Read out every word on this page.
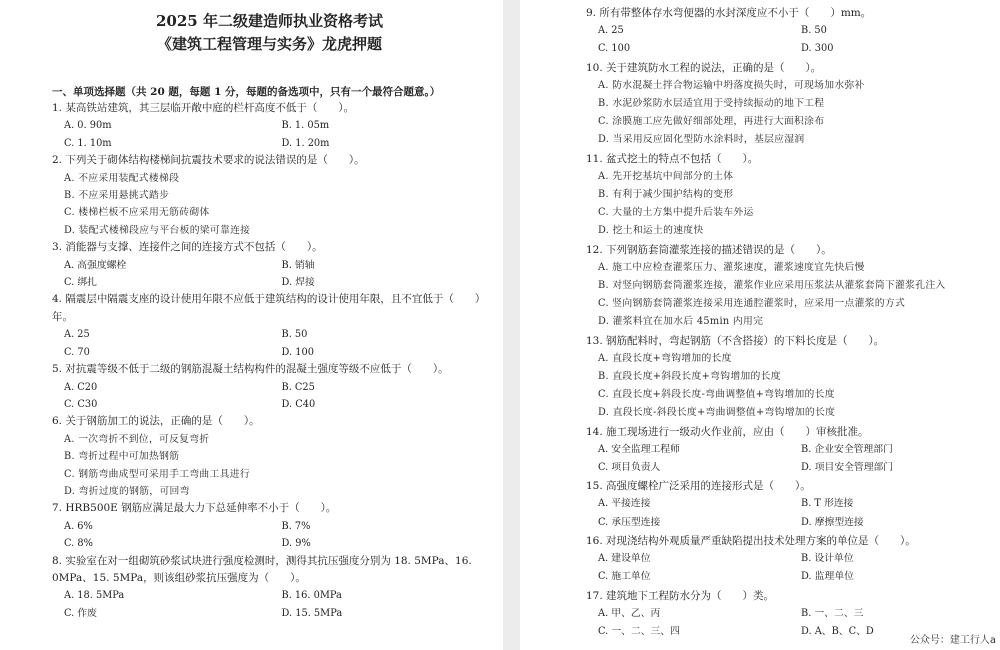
2025 年二级建造师执业资格考试
《建筑工程管理与实务》龙虎押题
一、单项选择题（共 20 题，每题 1 分，每题的备选项中，只有一个最符合题意。）
1. 某高铁站建筑，其三层临开敞中庭的栏杆高度不低于（　　）。
A. 0. 90m	B. 1. 05m
C. 1. 10m	D. 1. 20m
2. 下列关于砌体结构楼梯间抗震技术要求的说法错误的是（　　）。
A. 不应采用装配式楼梯段
B. 不应采用悬挑式踏步
C. 楼梯栏板不应采用无筋砖砌体
D. 装配式楼梯段应与平台板的梁可靠连接
3. 消能器与支撑、连接件之间的连接方式不包括（　　）。
A. 高强度螺栓	B. 销轴
C. 绑扎	D. 焊接
4. 隔震层中隔震支座的设计使用年限不应低于建筑结构的设计使用年限，且不宜低于（　　）年。
A. 25	B. 50
C. 70	D. 100
5. 对抗震等级不低于二级的钢筋混凝土结构构件的混凝土强度等级不应低于（　　）。
A. C20	B. C25
C. C30	D. C40
6. 关于钢筋加工的说法，正确的是（　　）。
A. 一次弯折不到位，可反复弯折
B. 弯折过程中可加热钢筋
C. 钢筋弯曲成型可采用手工弯曲工具进行
D. 弯折过度的钢筋，可回弯
7. HRB500E 钢筋应满足最大力下总延伸率不小于（　　）。
A. 6%	B. 7%
C. 8%	D. 9%
8. 实验室在对一组砌筑砂浆试块进行强度检测时，测得其抗压强度分别为 18. 5MPa、16. 0MPa、15. 5MPa，则该组砂浆抗压强度为（　　）。
A. 18. 5MPa	B. 16. 0MPa
C. 作废	D. 15. 5MPa
9. 所有带整体存水弯便器的水封深度应不小于（　　）mm。
A. 25	B. 50
C. 100	D. 300
10. 关于建筑防水工程的说法，正确的是（　　）。
A. 防水混凝土拌合物运输中坍落度损失时，可现场加水弥补
B. 水泥砂浆防水层适宜用于受持续振动的地下工程
C. 涂膜施工应先做好细部处理，再进行大面积涂布
D. 当采用反应固化型防水涂料时，基层应湿润
11. 盆式挖土的特点不包括（　　）。
A. 先开挖基坑中间部分的土体
B. 有利于减少围护结构的变形
C. 大量的土方集中提升后装车外运
D. 挖土和运土的速度快
12. 下列钢筋套筒灌浆连接的描述错误的是（　　）。
A. 施工中应检查灌浆压力、灌浆速度，灌浆速度宜先快后慢
B. 对竖向钢筋套筒灌浆连接，灌浆作业应采用压浆法从灌浆套筒下灌浆孔注入
C. 竖向钢筋套筒灌浆连接采用连通腔灌浆时，应采用一点灌浆的方式
D. 灌浆料宜在加水后 45min 内用完
13. 钢筋配料时，弯起钢筋（不含搭接）的下料长度是（　　）。
A. 直段长度+弯钩增加的长度
B. 直段长度+斜段长度+弯钩增加的长度
C. 直段长度+斜段长度-弯曲调整值+弯钩增加的长度
D. 直段长度-斜段长度+弯曲调整值+弯钩增加的长度
14. 施工现场进行一级动火作业前，应由（　　）审核批准。
A. 安全监理工程师	B. 企业安全管理部门
C. 项目负责人	D. 项目安全管理部门
15. 高强度螺栓广泛采用的连接形式是（　　）。
A. 平接连接	B. T 形连接
C. 承压型连接	D. 摩擦型连接
16. 对现浇结构外观质量严重缺陷提出技术处理方案的单位是（　　）。
A. 建设单位	B. 设计单位
C. 施工单位	D. 监理单位
17. 建筑地下工程防水分为（　　）类。
A. 甲、乙、丙	B. 一、二、三
C. 一、二、三、四	D. A、B、C、D
公众号：建工行人a
